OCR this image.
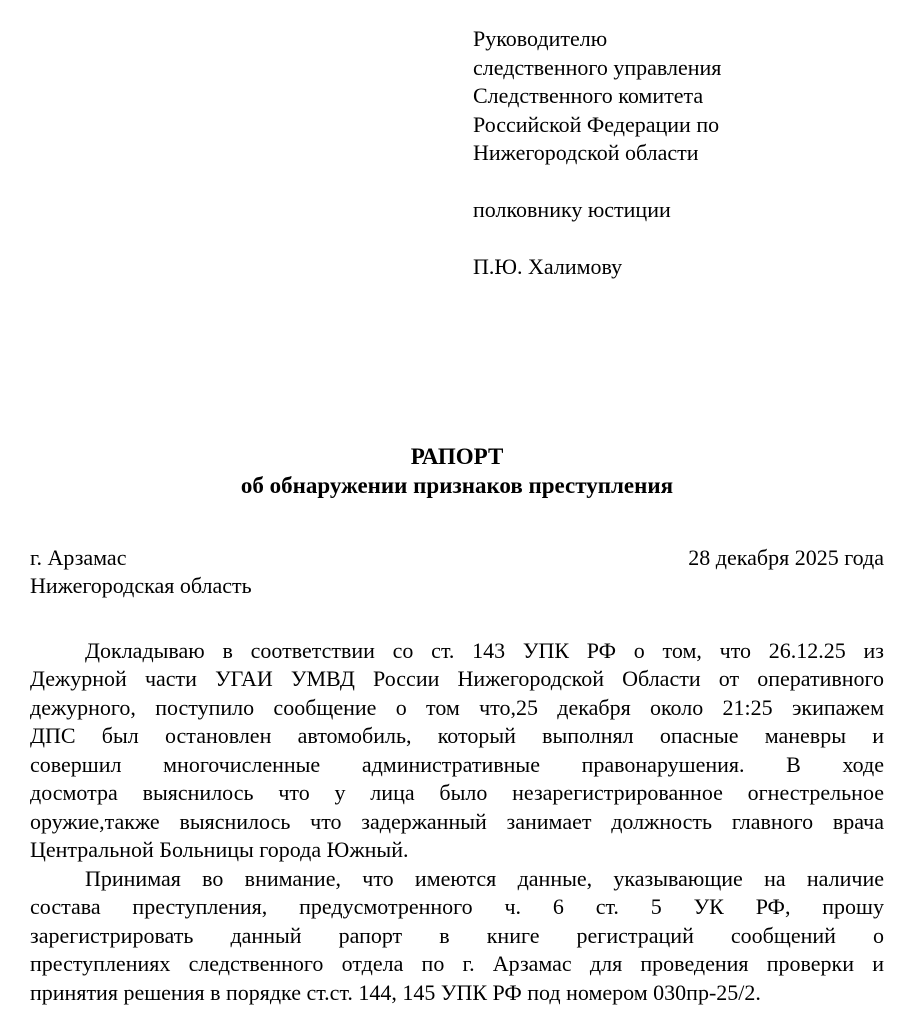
Руководителю
следственного управления
Следственного комитета
Российской Федерации по
Нижегородской области
полковнику юстиции
П.Ю. Халимову
РАПОРТ
об обнаружении признаков преступления
г. Арзамас
Нижегородская область
28 декабря 2025 года
Докладываю в соответствии со ст. 143 УПК РФ о том, что 26.12.25 из
Дежурной части УГАИ УМВД России Нижегородской Области от оперативного
дежурного, поступило сообщение о том что,25 декабря около 21:25 экипажем
ДПС был остановлен автомобиль, который выполнял опасные маневры и
совершил многочисленные административные правонарушения. В ходе
досмотра выяснилось что у лица было незарегистрированное огнестрельное
оружие,также выяснилось что задержанный занимает должность главного врача
Центральной Больницы города Южный.
Принимая во внимание, что имеются данные, указывающие на наличие
состава преступления, предусмотренного ч. 6 ст. 5 УК РФ, прошу
зарегистрировать данный рапорт в книге регистраций сообщений о
преступлениях следственного отдела по г. Арзамас для проведения проверки и
принятия решения в порядке ст.ст. 144, 145 УПК РФ под номером 030пр-25/2.
